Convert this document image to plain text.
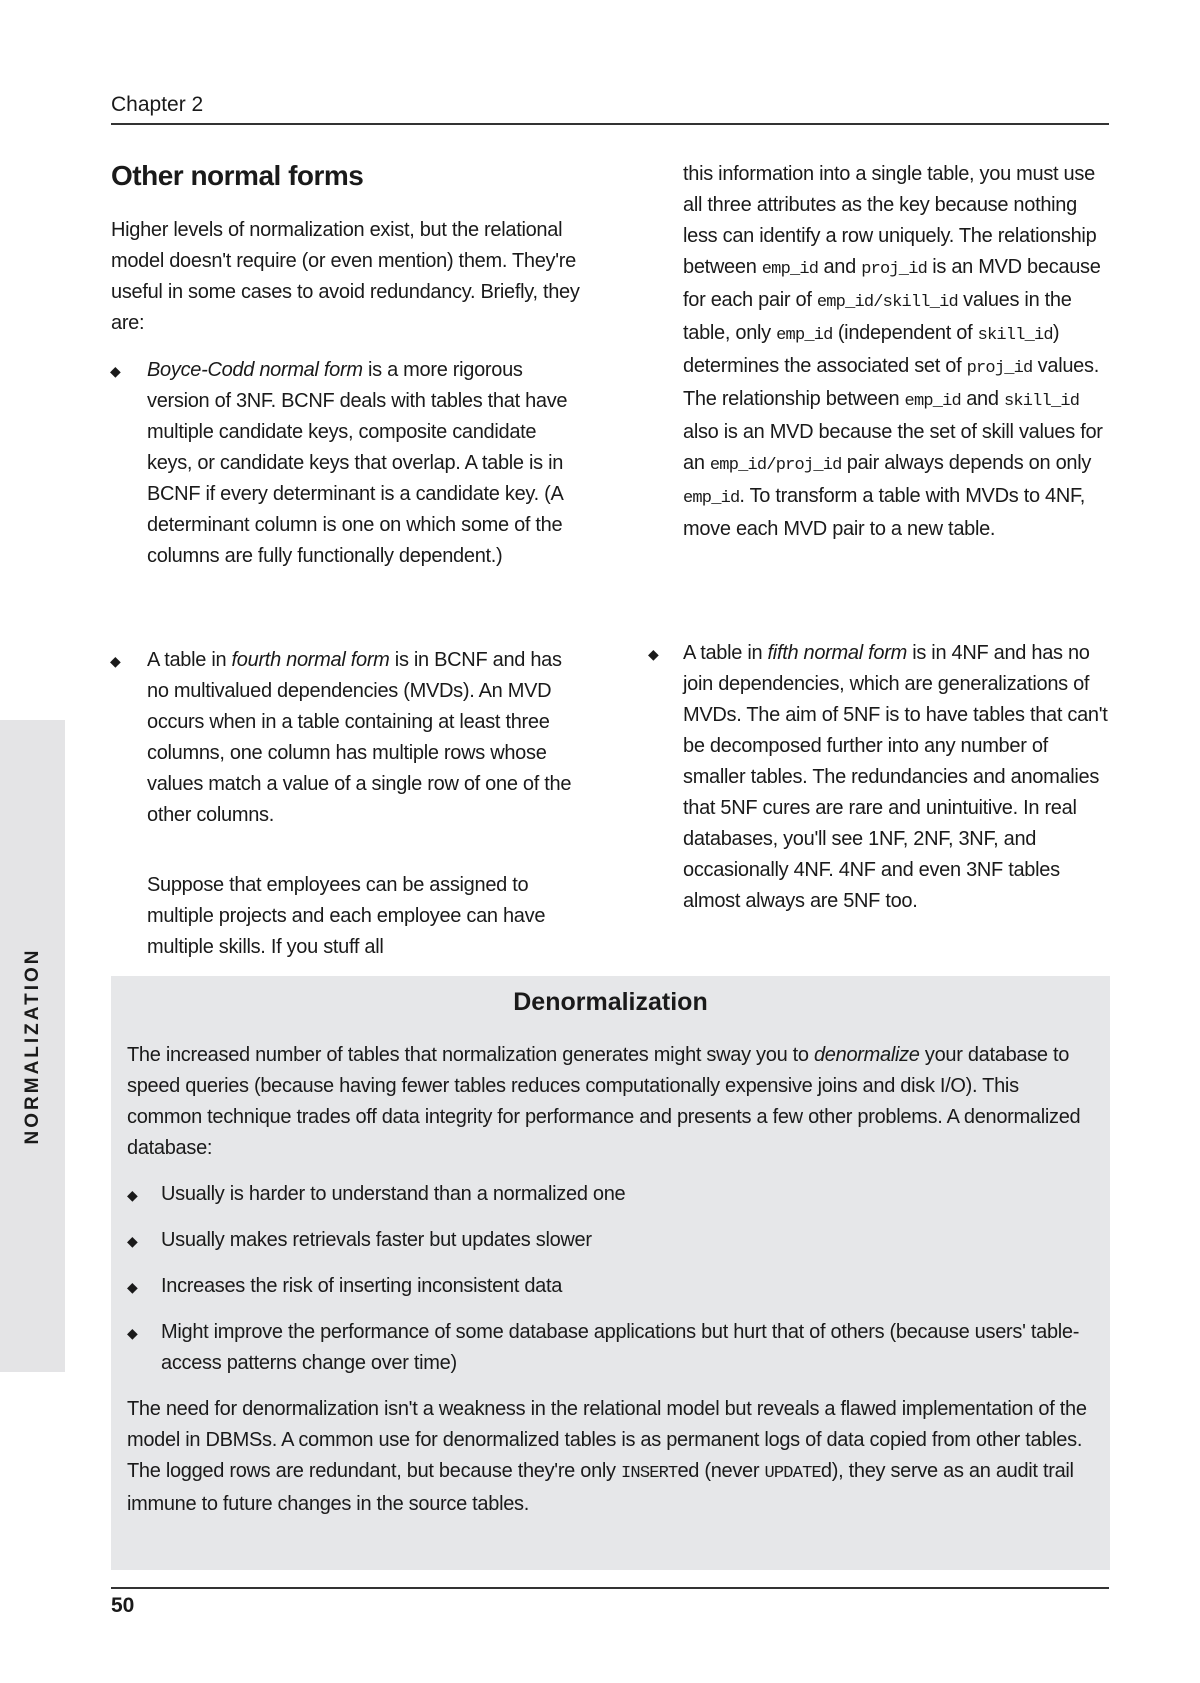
Chapter 2
NORMALIZATION
Other normal forms
Higher levels of normalization exist, but the relational model doesn't require (or even mention) them. They're useful in some cases to avoid redundancy. Briefly, they are:
◆ Boyce-Codd normal form is a more rigorous version of 3NF. BCNF deals with tables that have multiple candidate keys, composite candidate keys, or candidate keys that overlap. A table is in BCNF if every determinant is a candidate key. (A determinant column is one on which some of the columns are fully functionally dependent.)
◆ A table in fourth normal form is in BCNF and has no multivalued dependencies (MVDs). An MVD occurs when in a table containing at least three columns, one column has multiple rows whose values match a value of a single row of one of the other columns.
Suppose that employees can be assigned to multiple projects and each employee can have multiple skills. If you stuff all
this information into a single table, you must use all three attributes as the key because nothing less can identify a row uniquely. The relationship between emp_id and proj_id is an MVD because for each pair of emp_id/skill_id values in the table, only emp_id (independent of skill_id) determines the associated set of proj_id values. The relationship between emp_id and skill_id also is an MVD because the set of skill values for an emp_id/proj_id pair always depends on only emp_id. To transform a table with MVDs to 4NF, move each MVD pair to a new table.
◆ A table in fifth normal form is in 4NF and has no join dependencies, which are generalizations of MVDs. The aim of 5NF is to have tables that can't be decomposed further into any number of smaller tables. The redundancies and anomalies that 5NF cures are rare and unintuitive. In real databases, you'll see 1NF, 2NF, 3NF, and occasionally 4NF. 4NF and even 3NF tables almost always are 5NF too.
Denormalization
The increased number of tables that normalization generates might sway you to denormalize your database to speed queries (because having fewer tables reduces computationally expensive joins and disk I/O). This common technique trades off data integrity for performance and presents a few other problems. A denormalized database:
◆ Usually is harder to understand than a normalized one
◆ Usually makes retrievals faster but updates slower
◆ Increases the risk of inserting inconsistent data
◆ Might improve the performance of some database applications but hurt that of others (because users' table-access patterns change over time)
The need for denormalization isn't a weakness in the relational model but reveals a flawed implementation of the model in DBMSs. A common use for denormalized tables is as permanent logs of data copied from other tables. The logged rows are redundant, but because they're only INSERTed (never UPDATEd), they serve as an audit trail immune to future changes in the source tables.
50
